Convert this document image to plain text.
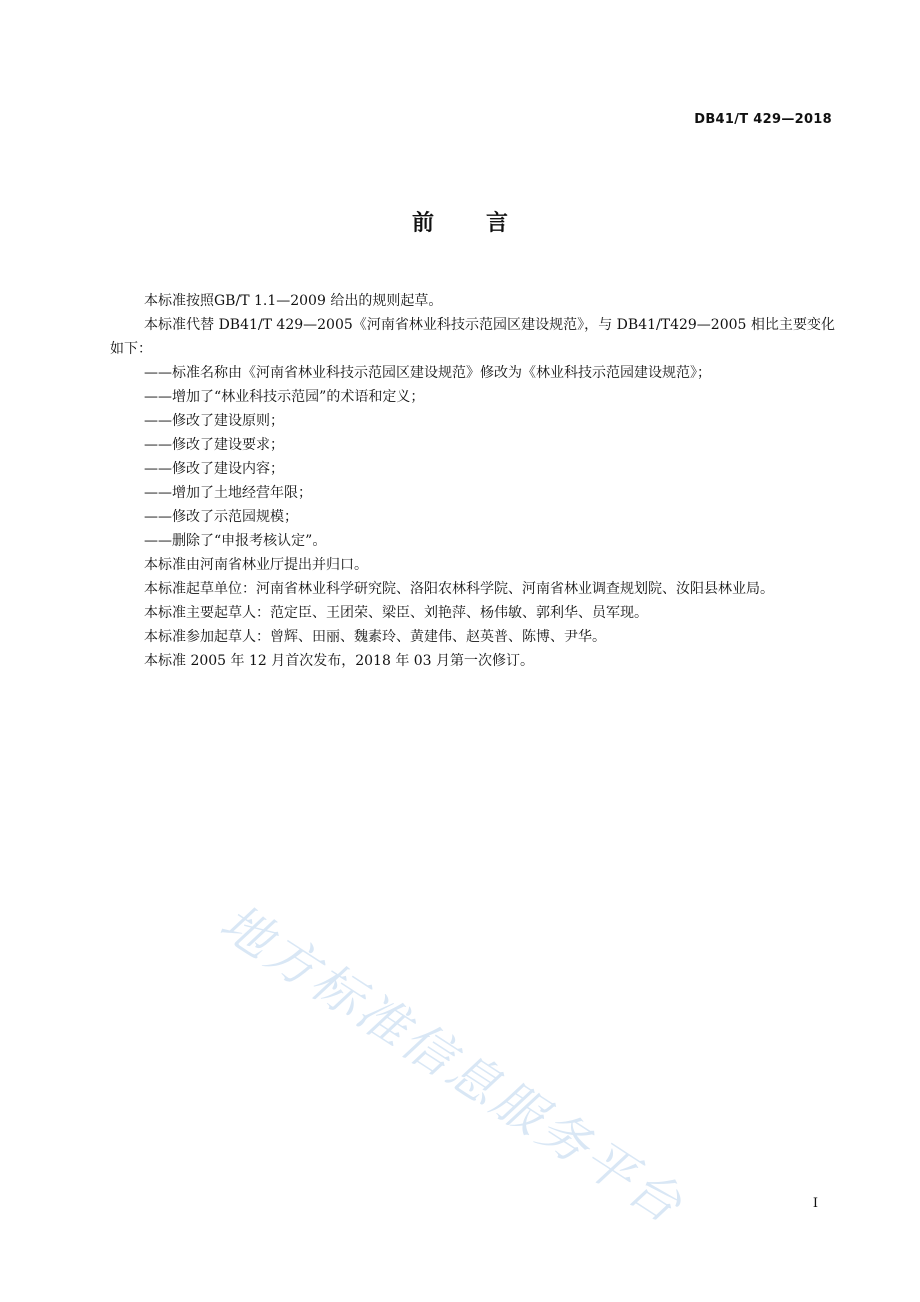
DB41/T 429—2018
前言

本标准按照GB/T 1.1—2009 给出的规则起草。

本标准代替 DB41/T 429—2005《河南省林业科技示范园区建设规范》，与 DB41/T429—2005 相比主要变化如下：

——标准名称由《河南省林业科技示范园区建设规范》修改为《林业科技示范园建设规范》；

——增加了“林业科技示范园”的术语和定义；

——修改了建设原则；

——修改了建设要求；

——修改了建设内容；

——增加了土地经营年限；

——修改了示范园规模；

——删除了“申报考核认定”。

本标准由河南省林业厅提出并归口。

本标准起草单位：河南省林业科学研究院、洛阳农林科学院、河南省林业调查规划院、汝阳县林业局。

本标准主要起草人：范定臣、王团荣、梁臣、刘艳萍、杨伟敏、郭利华、员军现。

本标准参加起草人：曾辉、田丽、魏素玲、黄建伟、赵英普、陈博、尹华。

本标准 2005 年 12 月首次发布，2018 年 03 月第一次修订。

地方标准信息服务平台	I
